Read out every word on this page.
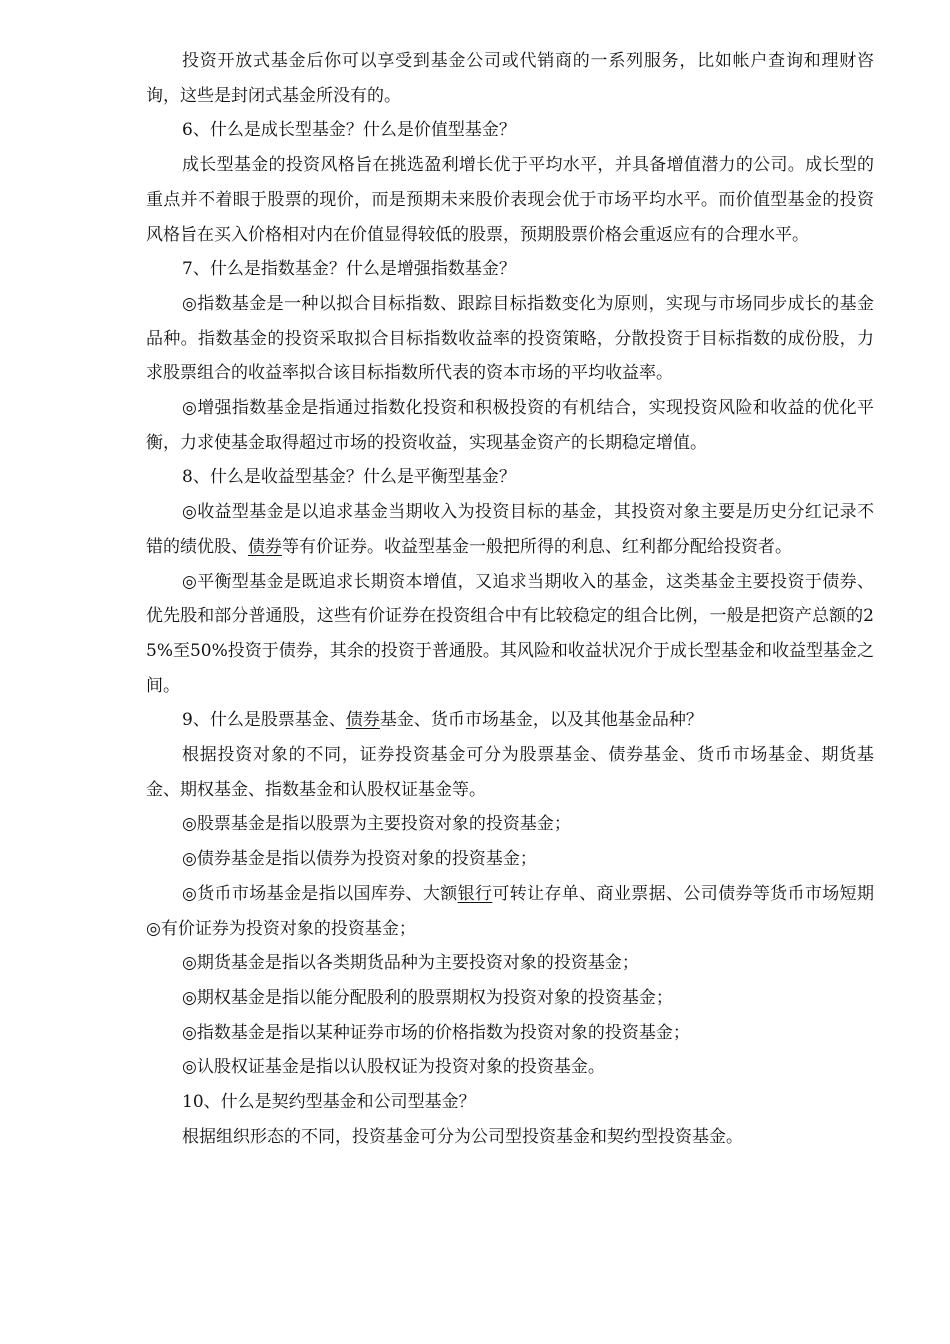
投资开放式基金后你可以享受到基金公司或代销商的一系列服务，比如帐户查询和理财咨询，这些是封闭式基金所没有的。

6、什么是成长型基金？什么是价值型基金？

成长型基金的投资风格旨在挑选盈利增长优于平均水平，并具备增值潜力的公司。成长型的重点并不着眼于股票的现价，而是预期未来股价表现会优于市场平均水平。而价值型基金的投资风格旨在买入价格相对内在价值显得较低的股票，预期股票价格会重返应有的合理水平。

7、什么是指数基金？什么是增强指数基金？

◎指数基金是一种以拟合目标指数、跟踪目标指数变化为原则，实现与市场同步成长的基金品种。指数基金的投资采取拟合目标指数收益率的投资策略，分散投资于目标指数的成份股，力求股票组合的收益率拟合该目标指数所代表的资本市场的平均收益率。

◎增强指数基金是指通过指数化投资和积极投资的有机结合，实现投资风险和收益的优化平衡，力求使基金取得超过市场的投资收益，实现基金资产的长期稳定增值。

8、什么是收益型基金？什么是平衡型基金？

◎收益型基金是以追求基金当期收入为投资目标的基金，其投资对象主要是历史分红记录不错的绩优股、债券等有价证券。收益型基金一般把所得的利息、红利都分配给投资者。

◎平衡型基金是既追求长期资本增值，又追求当期收入的基金，这类基金主要投资于债券、优先股和部分普通股，这些有价证券在投资组合中有比较稳定的组合比例，一般是把资产总额的25%至50%投资于债券，其余的投资于普通股。其风险和收益状况介于成长型基金和收益型基金之间。

9、什么是股票基金、债券基金、货币市场基金，以及其他基金品种？

根据投资对象的不同，证券投资基金可分为股票基金、债券基金、货币市场基金、期货基金、期权基金、指数基金和认股权证基金等。

◎股票基金是指以股票为主要投资对象的投资基金；

◎债券基金是指以债券为投资对象的投资基金；

◎货币市场基金是指以国库券、大额银行可转让存单、商业票据、公司债券等货币市场短期◎有价证券为投资对象的投资基金；

◎期货基金是指以各类期货品种为主要投资对象的投资基金；

◎期权基金是指以能分配股利的股票期权为投资对象的投资基金；

◎指数基金是指以某种证券市场的价格指数为投资对象的投资基金；

◎认股权证基金是指以认股权证为投资对象的投资基金。

10、什么是契约型基金和公司型基金？

根据组织形态的不同，投资基金可分为公司型投资基金和契约型投资基金。
